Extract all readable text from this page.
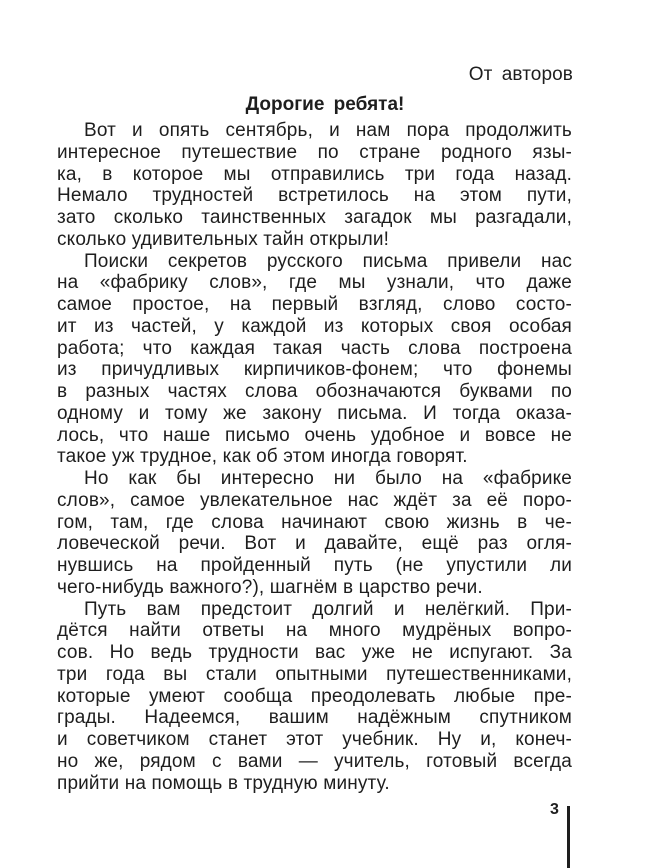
От авторов
Дорогие ребята!
Вот и опять сентябрь, и нам пора продолжить
интересное путешествие по стране родного язы-
ка, в которое мы отправились три года назад.
Немало трудностей встретилось на этом пути,
зато сколько таинственных загадок мы разгадали,
сколько удивительных тайн открыли!
Поиски секретов русского письма привели нас
на «фабрику слов», где мы узнали, что даже
самое простое, на первый взгляд, слово состо-
ит из частей, у каждой из которых своя особая
работа; что каждая такая часть слова построена
из причудливых кирпичиков-фонем; что фонемы
в разных частях слова обозначаются буквами по
одному и тому же закону письма. И тогда оказа-
лось, что наше письмо очень удобное и вовсе не
такое уж трудное, как об этом иногда говорят.
Но как бы интересно ни было на «фабрике
слов», самое увлекательное нас ждёт за её поро-
гом, там, где слова начинают свою жизнь в че-
ловеческой речи. Вот и давайте, ещё раз огля-
нувшись на пройденный путь (не упустили ли
чего-нибудь важного?), шагнём в царство речи.
Путь вам предстоит долгий и нелёгкий. При-
дётся найти ответы на много мудрёных вопро-
сов. Но ведь трудности вас уже не испугают. За
три года вы стали опытными путешественниками,
которые умеют сообща преодолевать любые пре-
грады. Надеемся, вашим надёжным спутником
и советчиком станет этот учебник. Ну и, конеч-
но же, рядом с вами — учитель, готовый всегда
прийти на помощь в трудную минуту.
3
